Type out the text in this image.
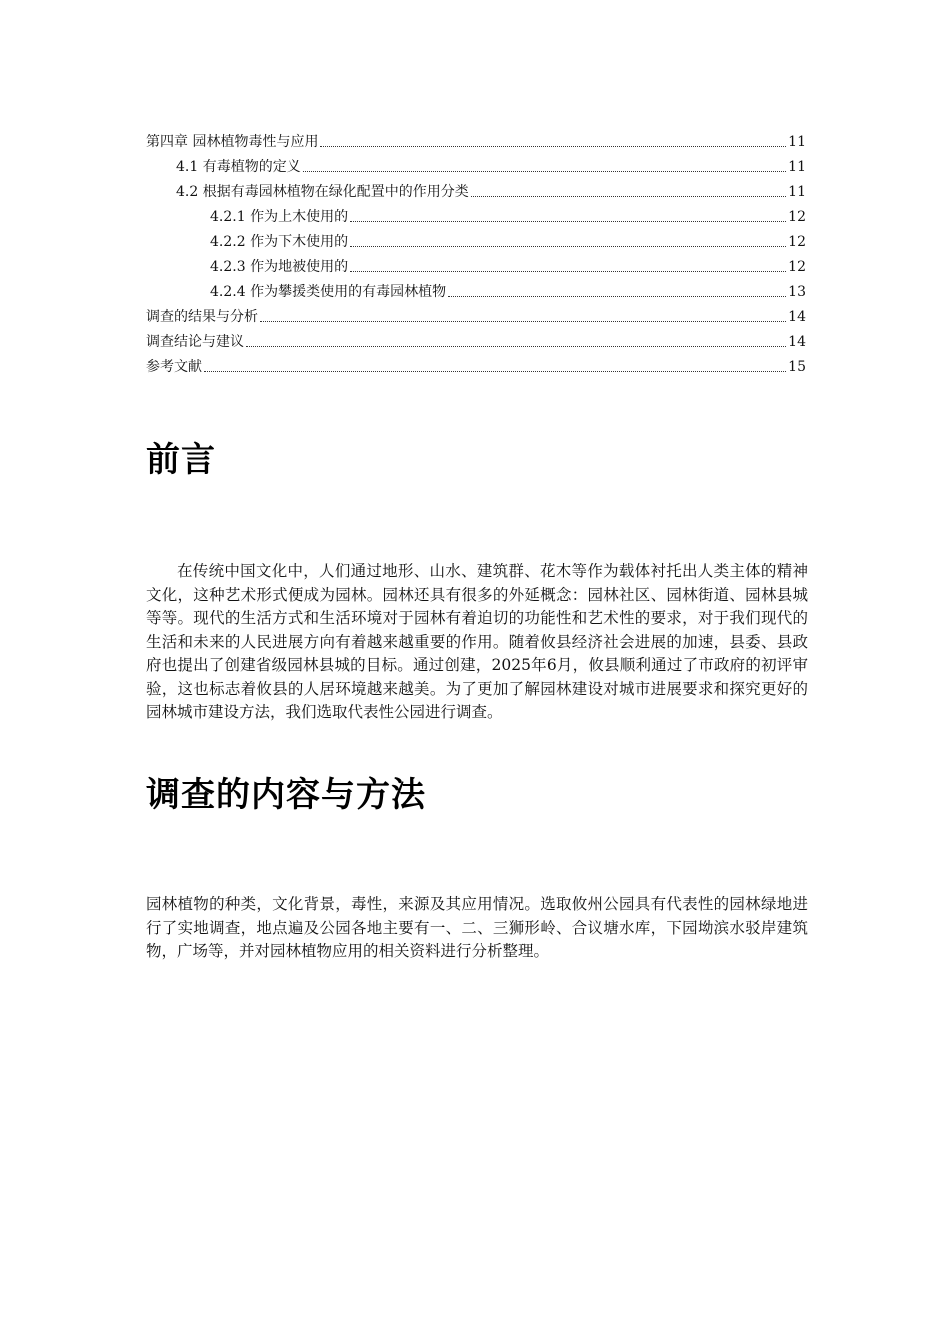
第四章 园林植物毒性与应用	11
4.1 有毒植物的定义	11
4.2 根据有毒园林植物在绿化配置中的作用分类	11
4.2.1 作为上木使用的	12
4.2.2 作为下木使用的	12
4.2.3 作为地被使用的	12
4.2.4 作为攀援类使用的有毒园林植物	13
调查的结果与分析	14
调查结论与建议	14
参考文献	15
前言

在传统中国文化中，人们通过地形、山水、建筑群、花木等作为载体衬托出人类主体的精神文化，这种艺术形式便成为园林。园林还具有很多的外延概念：园林社区、园林街道、园林县城等等。现代的生活方式和生活环境对于园林有着迫切的功能性和艺术性的要求，对于我们现代的生活和未来的人民进展方向有着越来越重要的作用。随着攸县经济社会进展的加速，县委、县政府也提出了创建省级园林县城的目标。通过创建，2025年6月，攸县顺利通过了市政府的初评审验，这也标志着攸县的人居环境越来越美。为了更加了解园林建设对城市进展要求和探究更好的园林城市建设方法，我们选取代表性公园进行调查。

调查的内容与方法

园林植物的种类，文化背景，毒性，来源及其应用情况。选取攸州公园具有代表性的园林绿地进行了实地调查，地点遍及公园各地主要有一、二、三狮形岭、合议塘水库，下园坳滨水驳岸建筑物，广场等，并对园林植物应用的相关资料进行分析整理。
